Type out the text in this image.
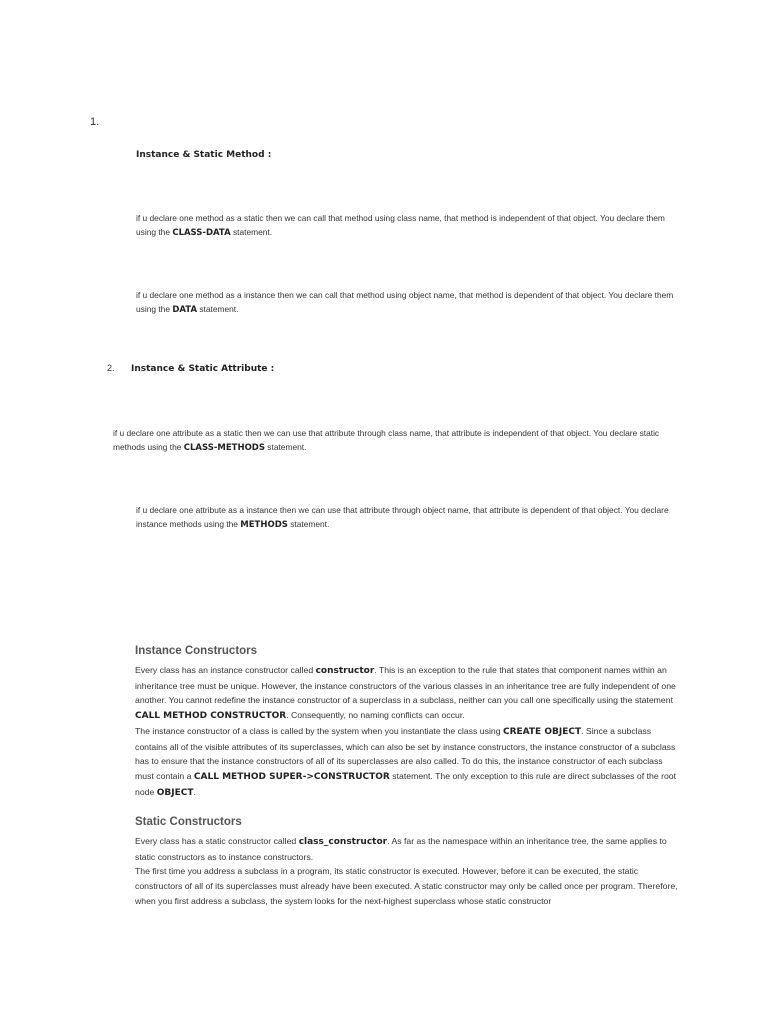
1.
Instance & Static Method :
if u declare one method as a static then we can call that method using class name, that method is independent of that object. You declare them using the CLASS-DATA statement.
if u declare one method as a instance then we can call that method using object name, that method is dependent of that object. You declare them using the DATA statement.
2. Instance & Static Attribute :
if u declare one attribute as a static then we can use that attribute through class name, that attribute is independent of that object. You declare static methods using the CLASS-METHODS statement.
if u declare one attribute as a instance then we can use that attribute through object name, that attribute is dependent of that object. You declare instance methods using the METHODS statement.
Instance Constructors
Every class has an instance constructor called constructor. This is an exception to the rule that states that component names within an inheritance tree must be unique. However, the instance constructors of the various classes in an inheritance tree are fully independent of one another. You cannot redefine the instance constructor of a superclass in a subclass, neither can you call one specifically using the statement CALL METHOD CONSTRUCTOR. Consequently, no naming conflicts can occur.
The instance constructor of a class is called by the system when you instantiate the class using CREATE OBJECT. Since a subclass contains all of the visible attributes of its superclasses, which can also be set by instance constructors, the instance constructor of a subclass has to ensure that the instance constructors of all of its superclasses are also called. To do this, the instance constructor of each subclass must contain a CALL METHOD SUPER->CONSTRUCTOR statement. The only exception to this rule are direct subclasses of the root node OBJECT.
Static Constructors
Every class has a static constructor called class_constructor. As far as the namespace within an inheritance tree, the same applies to static constructors as to instance constructors.
The first time you address a subclass in a program, its static constructor is executed. However, before it can be executed, the static constructors of all of its superclasses must already have been executed. A static constructor may only be called once per program. Therefore, when you first address a subclass, the system looks for the next-highest superclass whose static constructor
